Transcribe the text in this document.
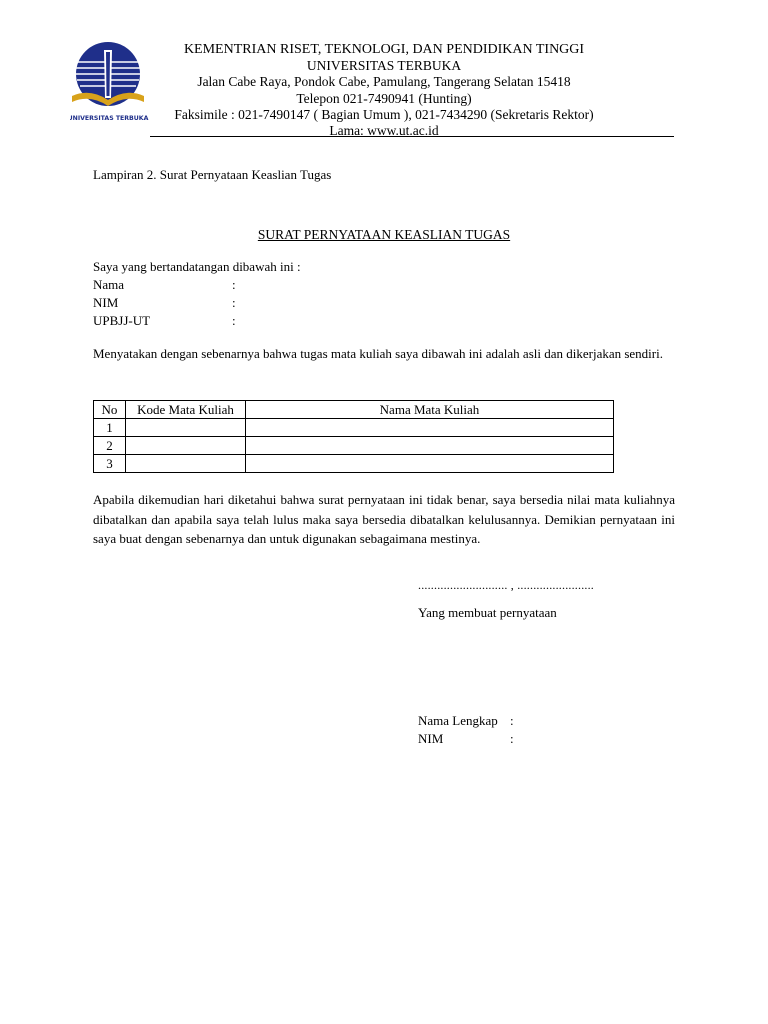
UNIVERSITAS TERBUKA
KEMENTRIAN RISET, TEKNOLOGI, DAN PENDIDIKAN TINGGI
UNIVERSITAS TERBUKA
Jalan Cabe Raya, Pondok Cabe, Pamulang, Tangerang Selatan 15418
Telepon 021-7490941 (Hunting)
Faksimile : 021-7490147 ( Bagian Umum ), 021-7434290 (Sekretaris Rektor)
Lama: www.ut.ac.id
Lampiran 2. Surat Pernyataan Keaslian Tugas
SURAT PERNYATAAN KEASLIAN TUGAS
Saya yang bertandatangan dibawah ini :
Nama	:
NIM	:
UPBJJ-UT	:
Menyatakan dengan sebenarnya bahwa tugas mata kuliah saya dibawah ini adalah asli dan dikerjakan sendiri.
No	Kode Mata Kuliah	Nama Mata Kuliah
1		
2		
3		
Apabila dikemudian hari diketahui bahwa surat pernyataan ini tidak benar, saya bersedia nilai mata kuliahnya dibatalkan dan apabila saya telah lulus maka saya bersedia dibatalkan kelulusannya. Demikian pernyataan ini saya buat dengan sebenarnya dan untuk digunakan sebagaimana mestinya.
............................ , ........................
Yang membuat pernyataan
Nama Lengkap :
NIM	:
